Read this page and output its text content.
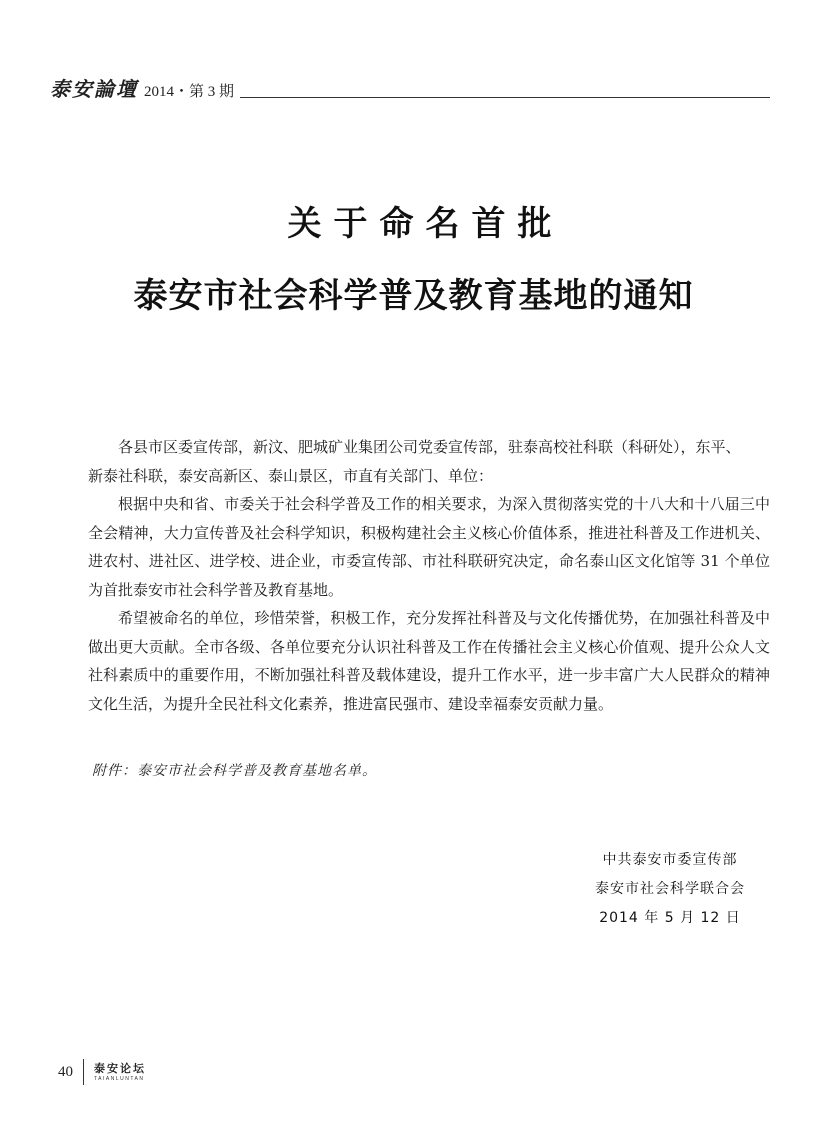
泰安論壇 2014・第 3 期
关于命名首批
泰安市社会科学普及教育基地的通知

各县市区委宣传部，新汶、肥城矿业集团公司党委宣传部，驻泰高校社科联（科研处），东平、

新泰社科联，泰安高新区、泰山景区，市直有关部门、单位：

根据中央和省、市委关于社会科学普及工作的相关要求，为深入贯彻落实党的十八大和十八届三中全会精神，大力宣传普及社会科学知识，积极构建社会主义核心价值体系，推进社科普及工作进机关、进农村、进社区、进学校、进企业，市委宣传部、市社科联研究决定，命名泰山区文化馆等 31 个单位为首批泰安市社会科学普及教育基地。

希望被命名的单位，珍惜荣誉，积极工作，充分发挥社科普及与文化传播优势，在加强社科普及中做出更大贡献。全市各级、各单位要充分认识社科普及工作在传播社会主义核心价值观、提升公众人文社科素质中的重要作用，不断加强社科普及载体建设，提升工作水平，进一步丰富广大人民群众的精神文化生活，为提升全民社科文化素养，推进富民强市、建设幸福泰安贡献力量。

附件：泰安市社会科学普及教育基地名单。
中共泰安市委宣传部
泰安市社会科学联合会
2014 年 5 月 12 日
40 泰安论坛
TAIANLUNTAN
